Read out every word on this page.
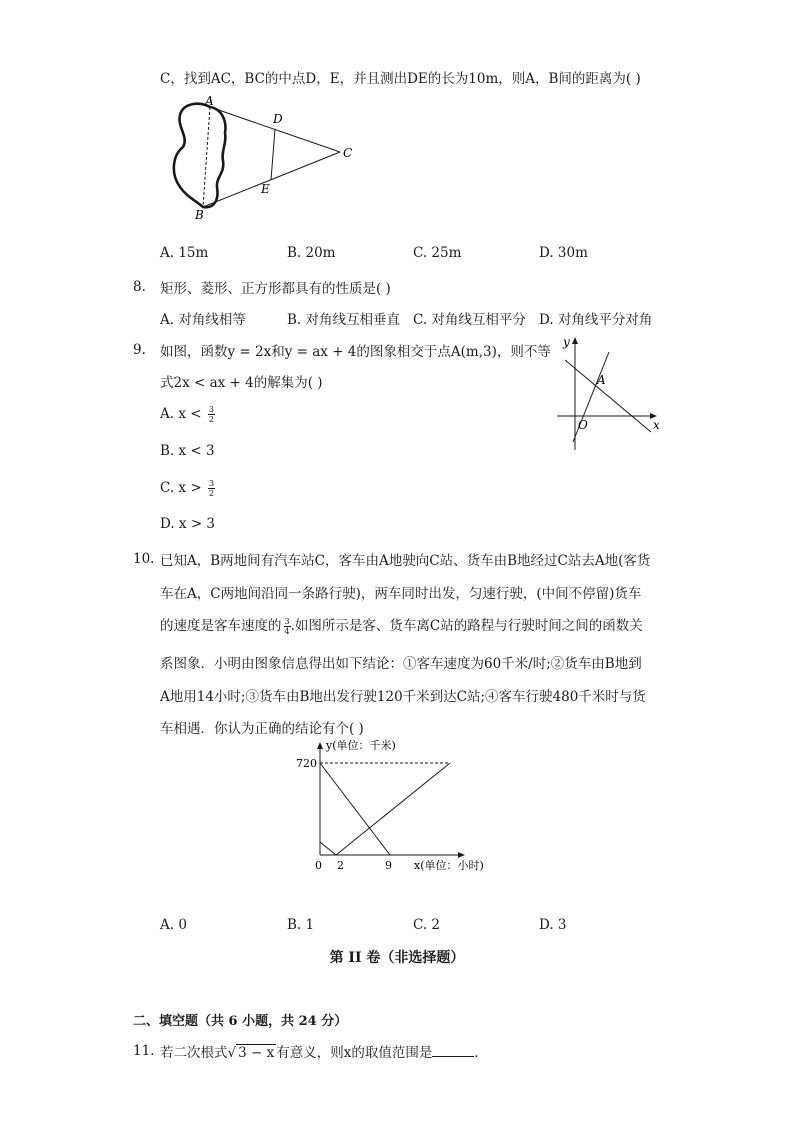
C，找到AC，BC的中点D，E，并且测出DE的长为10m，则A，B间的距离为( )
A
B
C
D
E
A. 15m	B. 20m	C. 25m	D. 30m
8. 矩形、菱形、正方形都具有的性质是( )
A. 对角线相等	B. 对角线互相垂直 C. 对角线互相平分 D. 对角线平分对角
9. 如图，函数y = 2x和y = ax + 4的图象相交于点A(m,3)，则不等
式2x < ax + 4的解集为( )
A. $x < \frac{3}{2}$
B. x < 3
C. $x > \frac{3}{2}$
D. x > 3
y
x
O
A
10. 已知A，B两地间有汽车站C，客车由A地驶向C站、货车由B地经过C站去A地(客货
车在A，C两地间沿同一条路行驶)，两车同时出发，匀速行驶，(中间不停留)货车
的速度是客车速度的 $\frac{3}{4}$ .如图所示是客、货车离C站的路程与行驶时间之间的函数关
系图象．小明由图象信息得出如下结论：①客车速度为60千米/时;②货车由B地到
A地用14小时;③货车由B地出发行驶120千米到达C站;④客车行驶480千米时与货
车相遇．你认为正确的结论有个( )
y(单位：千米)
720
0 2	9 x(单位：小时)
A. 0	B. 1	C. 2	D. 3
第 II 卷（非选择题）
二、填空题（共 6 小题，共 24 分）
11. 若二次根式√ 3 − x 有意义，则x的取值范围是	．
